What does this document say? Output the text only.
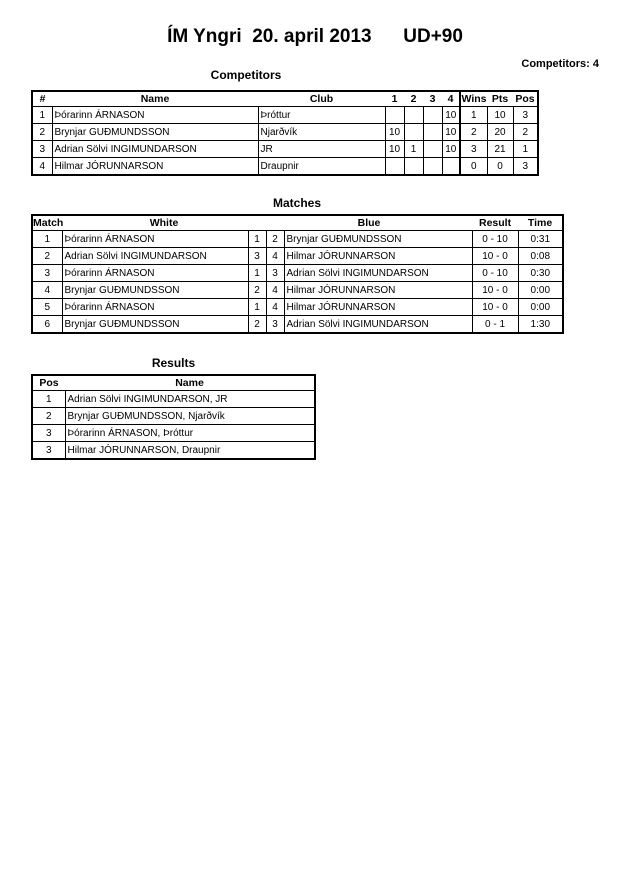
ÍM Yngri  20. april 2013      UD+90
Competitors: 4
Competitors
#	Name	Club	1	2	3	4	Wins	Pts	Pos
1	Þórarinn ÁRNASON	Þróttur				10	1	10	3
2	Brynjar GUÐMUNDSSON	Njarðvík	10			10	2	20	2
3	Adrian Sölvi INGIMUNDARSON	JR	10	1		10	3	21	1
4	Hilmar JÓRUNNARSON	Draupnir					0	0	3
Matches
Match	White		Blue		Result	Time
1	Þórarinn ÁRNASON	1	2	Brynjar GUÐMUNDSSON	0 - 10	0:31
2	Adrian Sölvi INGIMUNDARSON	3	4	Hilmar JÓRUNNARSON	10 - 0	0:08
3	Þórarinn ÁRNASON	1	3	Adrian Sölvi INGIMUNDARSON	0 - 10	0:30
4	Brynjar GUÐMUNDSSON	2	4	Hilmar JÓRUNNARSON	10 - 0	0:00
5	Þórarinn ÁRNASON	1	4	Hilmar JÓRUNNARSON	10 - 0	0:00
6	Brynjar GUÐMUNDSSON	2	3	Adrian Sölvi INGIMUNDARSON	0 - 1	1:30
Results
Pos	Name
1	Adrian Sölvi INGIMUNDARSON, JR
2	Brynjar GUÐMUNDSSON, Njarðvík
3	Þórarinn ÁRNASON, Þróttur
3	Hilmar JÓRUNNARSON, Draupnir
